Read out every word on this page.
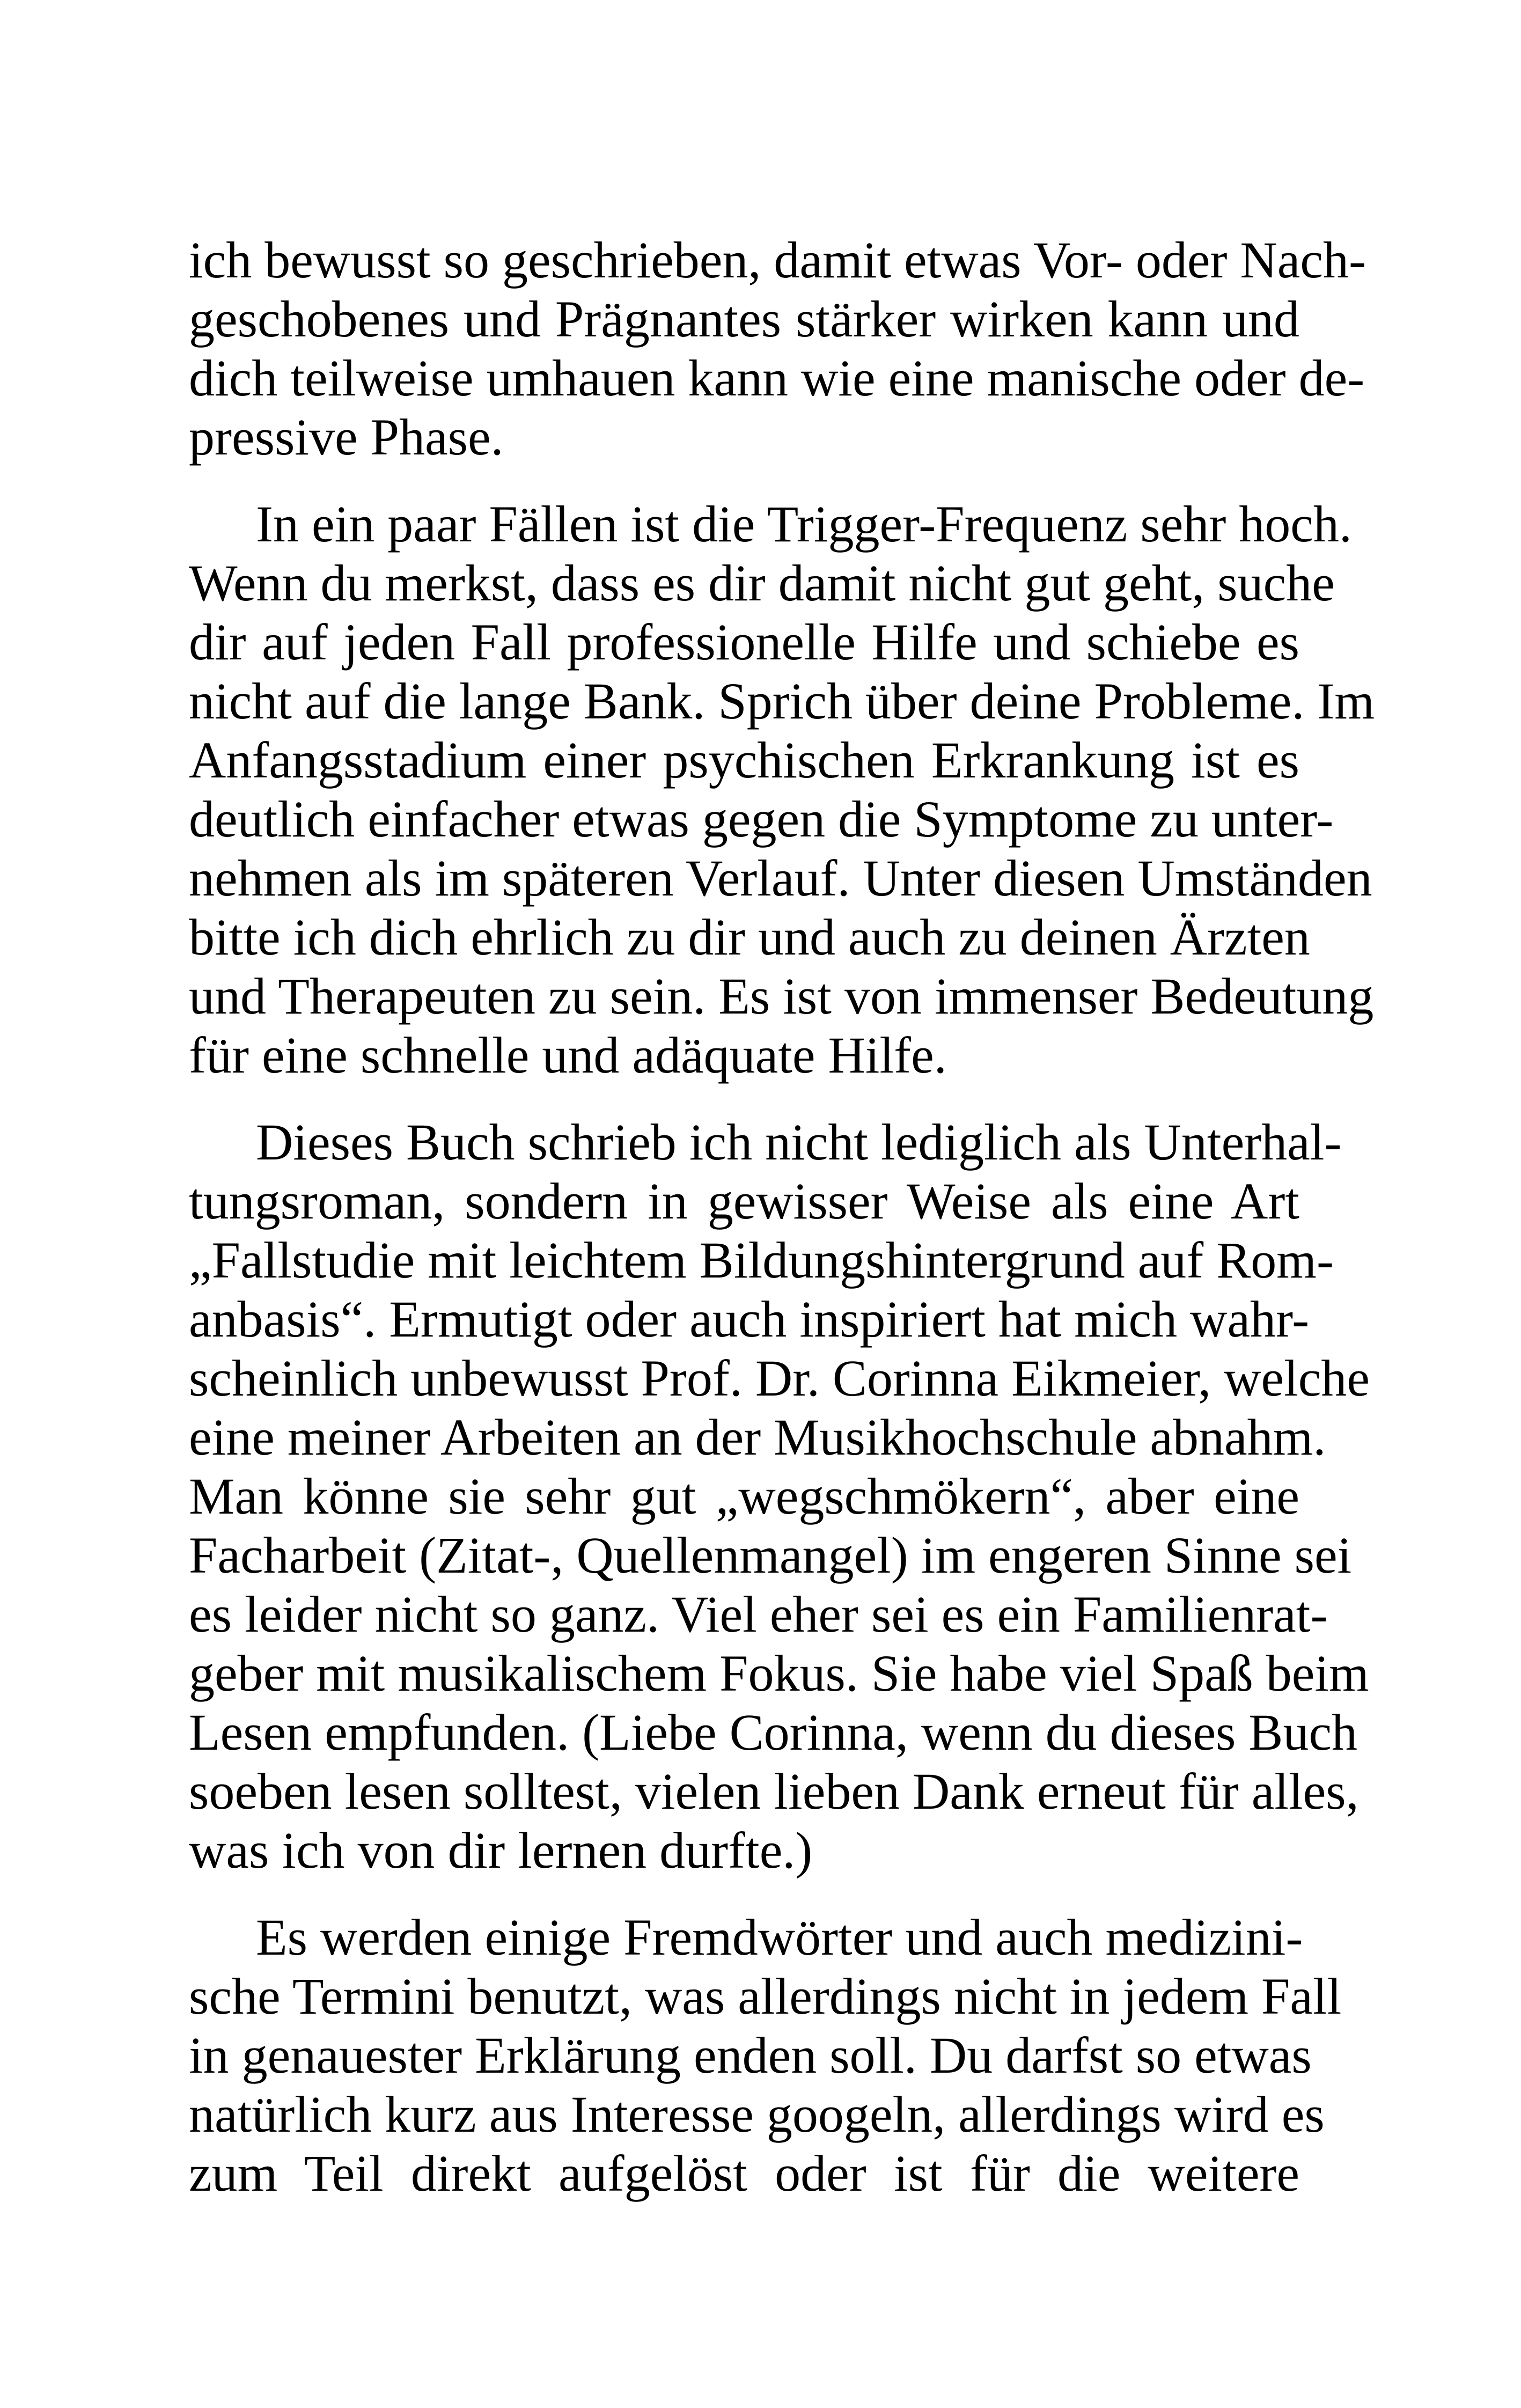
ich bewusst so geschrieben, damit etwas Vor- oder Nach-
geschobenes und Prägnantes stärker wirken kann und
dich teilweise umhauen kann wie eine manische oder de-
pressive Phase.
In ein paar Fällen ist die Trigger-Frequenz sehr hoch.
Wenn du merkst, dass es dir damit nicht gut geht, suche
dir auf jeden Fall professionelle Hilfe und schiebe es
nicht auf die lange Bank. Sprich über deine Probleme. Im
Anfangsstadium einer psychischen Erkrankung ist es
deutlich einfacher etwas gegen die Symptome zu unter-
nehmen als im späteren Verlauf. Unter diesen Umständen
bitte ich dich ehrlich zu dir und auch zu deinen Ärzten
und Therapeuten zu sein. Es ist von immenser Bedeutung
für eine schnelle und adäquate Hilfe.
Dieses Buch schrieb ich nicht lediglich als Unterhal-
tungsroman, sondern in gewisser Weise als eine Art
„Fallstudie mit leichtem Bildungshintergrund auf Rom-
anbasis“. Ermutigt oder auch inspiriert hat mich wahr-
scheinlich unbewusst Prof. Dr. Corinna Eikmeier, welche
eine meiner Arbeiten an der Musikhochschule abnahm.
Man könne sie sehr gut „wegschmökern“, aber eine
Facharbeit (Zitat-, Quellenmangel) im engeren Sinne sei
es leider nicht so ganz. Viel eher sei es ein Familienrat-
geber mit musikalischem Fokus. Sie habe viel Spaß beim
Lesen empfunden. (Liebe Corinna, wenn du dieses Buch
soeben lesen solltest, vielen lieben Dank erneut für alles,
was ich von dir lernen durfte.)
Es werden einige Fremdwörter und auch medizini-
sche Termini benutzt, was allerdings nicht in jedem Fall
in genauester Erklärung enden soll. Du darfst so etwas
natürlich kurz aus Interesse googeln, allerdings wird es
zum Teil direkt aufgelöst oder ist für die weitere
